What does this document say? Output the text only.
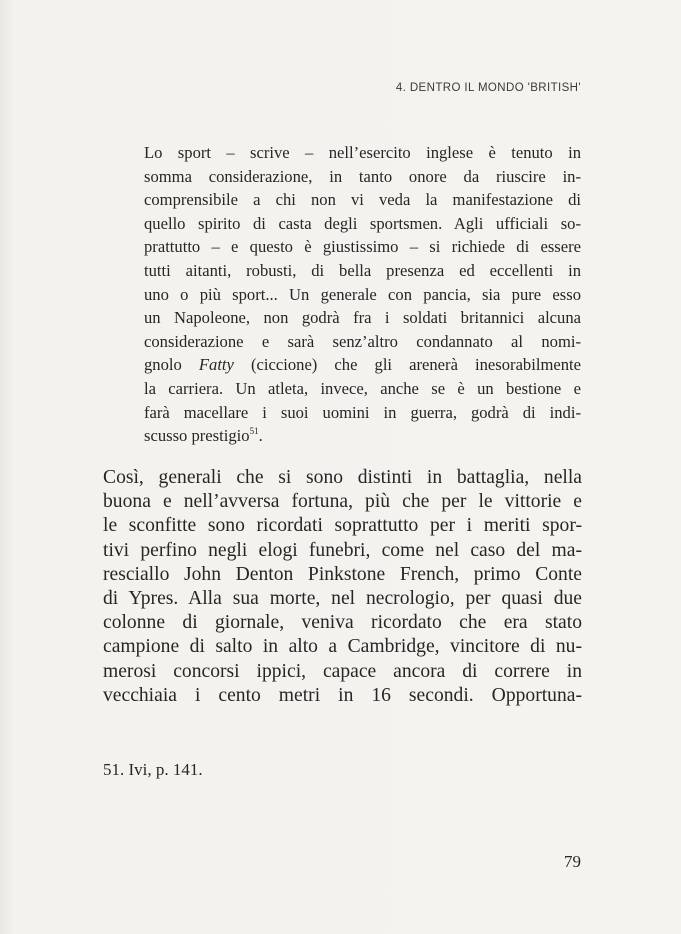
4. DENTRO IL MONDO 'BRITISH'
Lo sport – scrive – nell’esercito inglese è tenuto in
somma considerazione, in tanto onore da riuscire in-
comprensibile a chi non vi veda la manifestazione di
quello spirito di casta degli sportsmen. Agli ufficiali so-
prattutto – e questo è giustissimo – si richiede di essere
tutti aitanti, robusti, di bella presenza ed eccellenti in
uno o più sport... Un generale con pancia, sia pure esso
un Napoleone, non godrà fra i soldati britannici alcuna
considerazione e sarà senz’altro condannato al nomi-
gnolo Fatty (ciccione) che gli arenerà inesorabilmente
la carriera. Un atleta, invece, anche se è un bestione e
farà macellare i suoi uomini in guerra, godrà di indi-
scusso prestigio$^{51}$.
Così, generali che si sono distinti in battaglia, nella
buona e nell’avversa fortuna, più che per le vittorie e
le sconfitte sono ricordati soprattutto per i meriti spor-
tivi perfino negli elogi funebri, come nel caso del ma-
resciallo John Denton Pinkstone French, primo Conte
di Ypres. Alla sua morte, nel necrologio, per quasi due
colonne di giornale, veniva ricordato che era stato
campione di salto in alto a Cambridge, vincitore di nu-
merosi concorsi ippici, capace ancora di correre in
vecchiaia i cento metri in 16 secondi. Opportuna-
51. Ivi, p. 141.
79
